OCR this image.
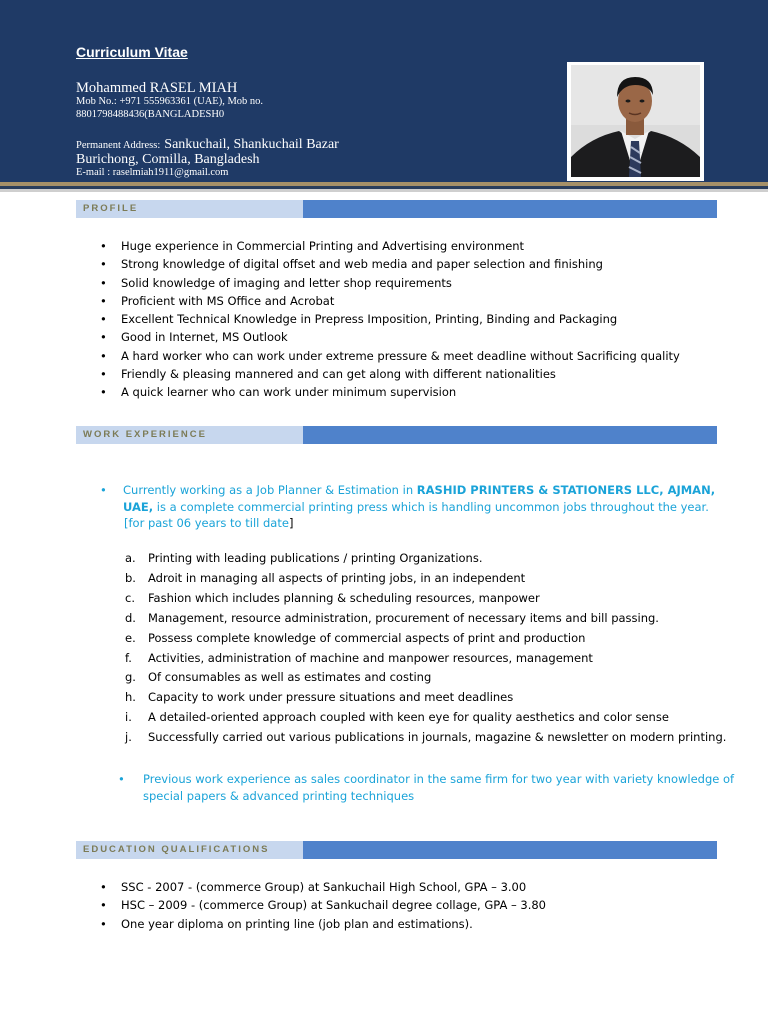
Curriculum Vitae
Mohammed RASEL MIAH
Mob No.: +971 555963361 (UAE), Mob no.
8801798488436(BANGLADESH0
Permanent Address: Sankuchail, Shankuchail Bazar
Burichong, Comilla, Bangladesh
E-mail : raselmiah1911@gmail.com
PROFILE
• Huge experience in Commercial Printing and Advertising environment
• Strong knowledge of digital offset and web media and paper selection and finishing
• Solid knowledge of imaging and letter shop requirements
• Proficient with MS Office and Acrobat
• Excellent Technical Knowledge in Prepress Imposition, Printing, Binding and Packaging
• Good in Internet, MS Outlook
• A hard worker who can work under extreme pressure & meet deadline without Sacrificing quality
• Friendly & pleasing mannered and can get along with different nationalities
• A quick learner who can work under minimum supervision
WORK EXPERIENCE
• Currently working as a Job Planner & Estimation in RASHID PRINTERS & STATIONERS LLC, AJMAN, UAE, is a complete commercial printing press which is handling uncommon jobs throughout the year.
[for past 06 years to till date]
a. Printing with leading publications / printing Organizations.
b. Adroit in managing all aspects of printing jobs, in an independent
c. Fashion which includes planning & scheduling resources, manpower
d. Management, resource administration, procurement of necessary items and bill passing.
e. Possess complete knowledge of commercial aspects of print and production
f. Activities, administration of machine and manpower resources, management
g. Of consumables as well as estimates and costing
h. Capacity to work under pressure situations and meet deadlines
i. A detailed-oriented approach coupled with keen eye for quality aesthetics and color sense
j. Successfully carried out various publications in journals, magazine & newsletter on modern printing.
• Previous work experience as sales coordinator in the same firm for two year with variety knowledge of special papers & advanced printing techniques
EDUCATION QUALIFICATIONS
• SSC - 2007 - (commerce Group) at Sankuchail High School, GPA – 3.00
• HSC – 2009 - (commerce Group) at Sankuchail degree collage, GPA – 3.80
• One year diploma on printing line (job plan and estimations).
